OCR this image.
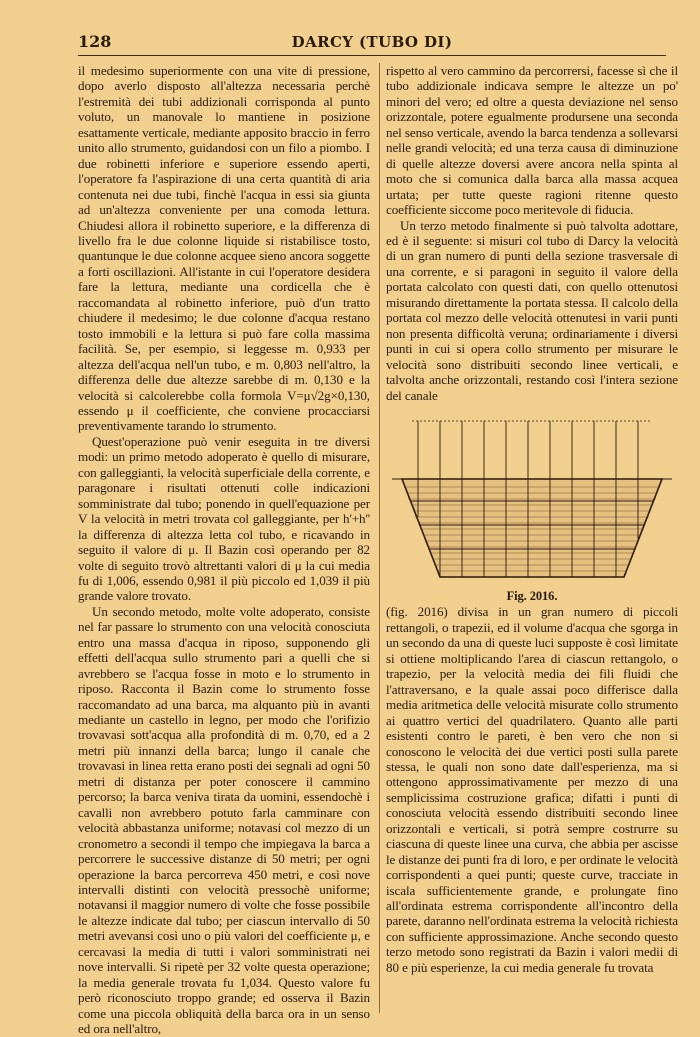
128	DARCY (TUBO DI)

il medesimo superiormente con una vite di pressione, dopo averlo disposto all'altezza necessaria perchè l'estremità dei tubi addizionali corrisponda al punto voluto, un manovale lo mantiene in posizione esattamente verticale, mediante apposito braccio in ferro unito allo strumento, guidandosi con un filo a piombo. I due robinetti inferiore e superiore essendo aperti, l'operatore fa l'aspirazione di una certa quantità di aria contenuta nei due tubi, finchè l'acqua in essi sia giunta ad un'altezza conveniente per una comoda lettura. Chiudesi allora il robinetto superiore, e la differenza di livello fra le due colonne liquide si ristabilisce tosto, quantunque le due colonne acquee sieno ancora soggette a forti oscillazioni. All'istante in cui l'operatore desidera fare la lettura, mediante una cordicella che è raccomandata al robinetto inferiore, può d'un tratto chiudere il medesimo; le due colonne d'acqua restano tosto immobili e la lettura si può fare colla massima facilità. Se, per esempio, si leggesse m. 0,933 per altezza dell'acqua nell'un tubo, e m. 0,803 nell'altro, la differenza delle due altezze sarebbe di m. 0,130 e la velocità si calcolerebbe colla formola V=μ√2g×0,130, essendo μ il coefficiente, che conviene procacciarsi preventivamente tarando lo strumento.

Quest'operazione può venir eseguita in tre diversi modi: un primo metodo adoperato è quello di misurare, con galleggianti, la velocità superficiale della corrente, e paragonare i risultati ottenuti colle indicazioni somministrate dal tubo; ponendo in quell'equazione per V la velocità in metri trovata col galleggiante, per h'+h'' la differenza di altezza letta col tubo, e ricavando in seguito il valore di μ. Il Bazin così operando per 82 volte di seguito trovò altrettanti valori di μ la cui media fu di 1,006, essendo 0,981 il più piccolo ed 1,039 il più grande valore trovato.

Un secondo metodo, molte volte adoperato, consiste nel far passare lo strumento con una velocità conosciuta entro una massa d'acqua in riposo, supponendo gli effetti dell'acqua sullo strumento pari a quelli che si avrebbero se l'acqua fosse in moto e lo strumento in riposo. Racconta il Bazin come lo strumento fosse raccomandato ad una barca, ma alquanto più in avanti mediante un castello in legno, per modo che l'orifizio trovavasi sott'acqua alla profondità di m. 0,70, ed a 2 metri più innanzi della barca; lungo il canale che trovavasi in linea retta erano posti dei segnali ad ogni 50 metri di distanza per poter conoscere il cammino percorso; la barca veniva tirata da uomini, essendochè i cavalli non avrebbero potuto farla camminare con velocità abbastanza uniforme; notavasi col mezzo di un cronometro a secondi il tempo che impiegava la barca a percorrere le successive distanze di 50 metri; per ogni operazione la barca percorreva 450 metri, e così nove intervalli distinti con velocità pressochè uniforme; notavansi il maggior numero di volte che fosse possibile le altezze indicate dal tubo; per ciascun intervallo di 50 metri avevansi così uno o più valori del coefficiente μ, e cercavasi la media di tutti i valori somministrati nei nove intervalli. Si ripetè per 32 volte questa operazione; la media generale trovata fu 1,034. Questo valore fu però riconosciuto troppo grande; ed osserva il Bazin come una piccola obliquità della barca ora in un senso ed ora nell'altro,

rispetto al vero cammino da percorrersi, facesse sì che il tubo addizionale indicava sempre le altezze un po' minori del vero; ed oltre a questa deviazione nel senso orizzontale, potere egualmente prodursene una seconda nel senso verticale, avendo la barca tendenza a sollevarsi nelle grandi velocità; ed una terza causa di diminuzione di quelle altezze doversi avere ancora nella spinta al moto che si comunica dalla barca alla massa acquea urtata; per tutte queste ragioni ritenne questo coefficiente siccome poco meritevole di fiducia.

Un terzo metodo finalmente si può talvolta adottare, ed è il seguente: si misuri col tubo di Darcy la velocità di un gran numero di punti della sezione trasversale di una corrente, e si paragoni in seguito il valore della portata calcolato con questi dati, con quello ottenutosi misurando direttamente la portata stessa. Il calcolo della portata col mezzo delle velocità ottenutesi in varii punti non presenta difficoltà veruna; ordinariamente i diversi punti in cui si opera collo strumento per misurare le velocità sono distribuiti secondo linee verticali, e talvolta anche orizzontali, restando così l'intera sezione del canale

Fig. 2016.

(fig. 2016) divisa in un gran numero di piccoli rettangoli, o trapezii, ed il volume d'acqua che sgorga in un secondo da una di queste luci supposte è così limitate si ottiene moltiplicando l'area di ciascun rettangolo, o trapezio, per la velocità media dei fili fluidi che l'attraversano, e la quale assai poco differisce dalla media aritmetica delle velocità misurate collo strumento ai quattro vertici del quadrilatero. Quanto alle parti esistenti contro le pareti, è ben vero che non si conoscono le velocità dei due vertici posti sulla parete stessa, le quali non sono date dall'esperienza, ma si ottengono approssimativamente per mezzo di una semplicissima costruzione grafica; difatti i punti di conosciuta velocità essendo distribuiti secondo linee orizzontali e verticali, si potrà sempre costrurre su ciascuna di queste linee una curva, che abbia per ascisse le distanze dei punti fra di loro, e per ordinate le velocità corrispondenti a quei punti; queste curve, tracciate in iscala sufficientemente grande, e prolungate fino all'ordinata estrema corrispondente all'incontro della parete, daranno nell'ordinata estrema la velocità richiesta con sufficiente approssimazione. Anche secondo questo terzo metodo sono registrati da Bazin i valori medii di 80 e più esperienze, la cui media generale fu trovata
